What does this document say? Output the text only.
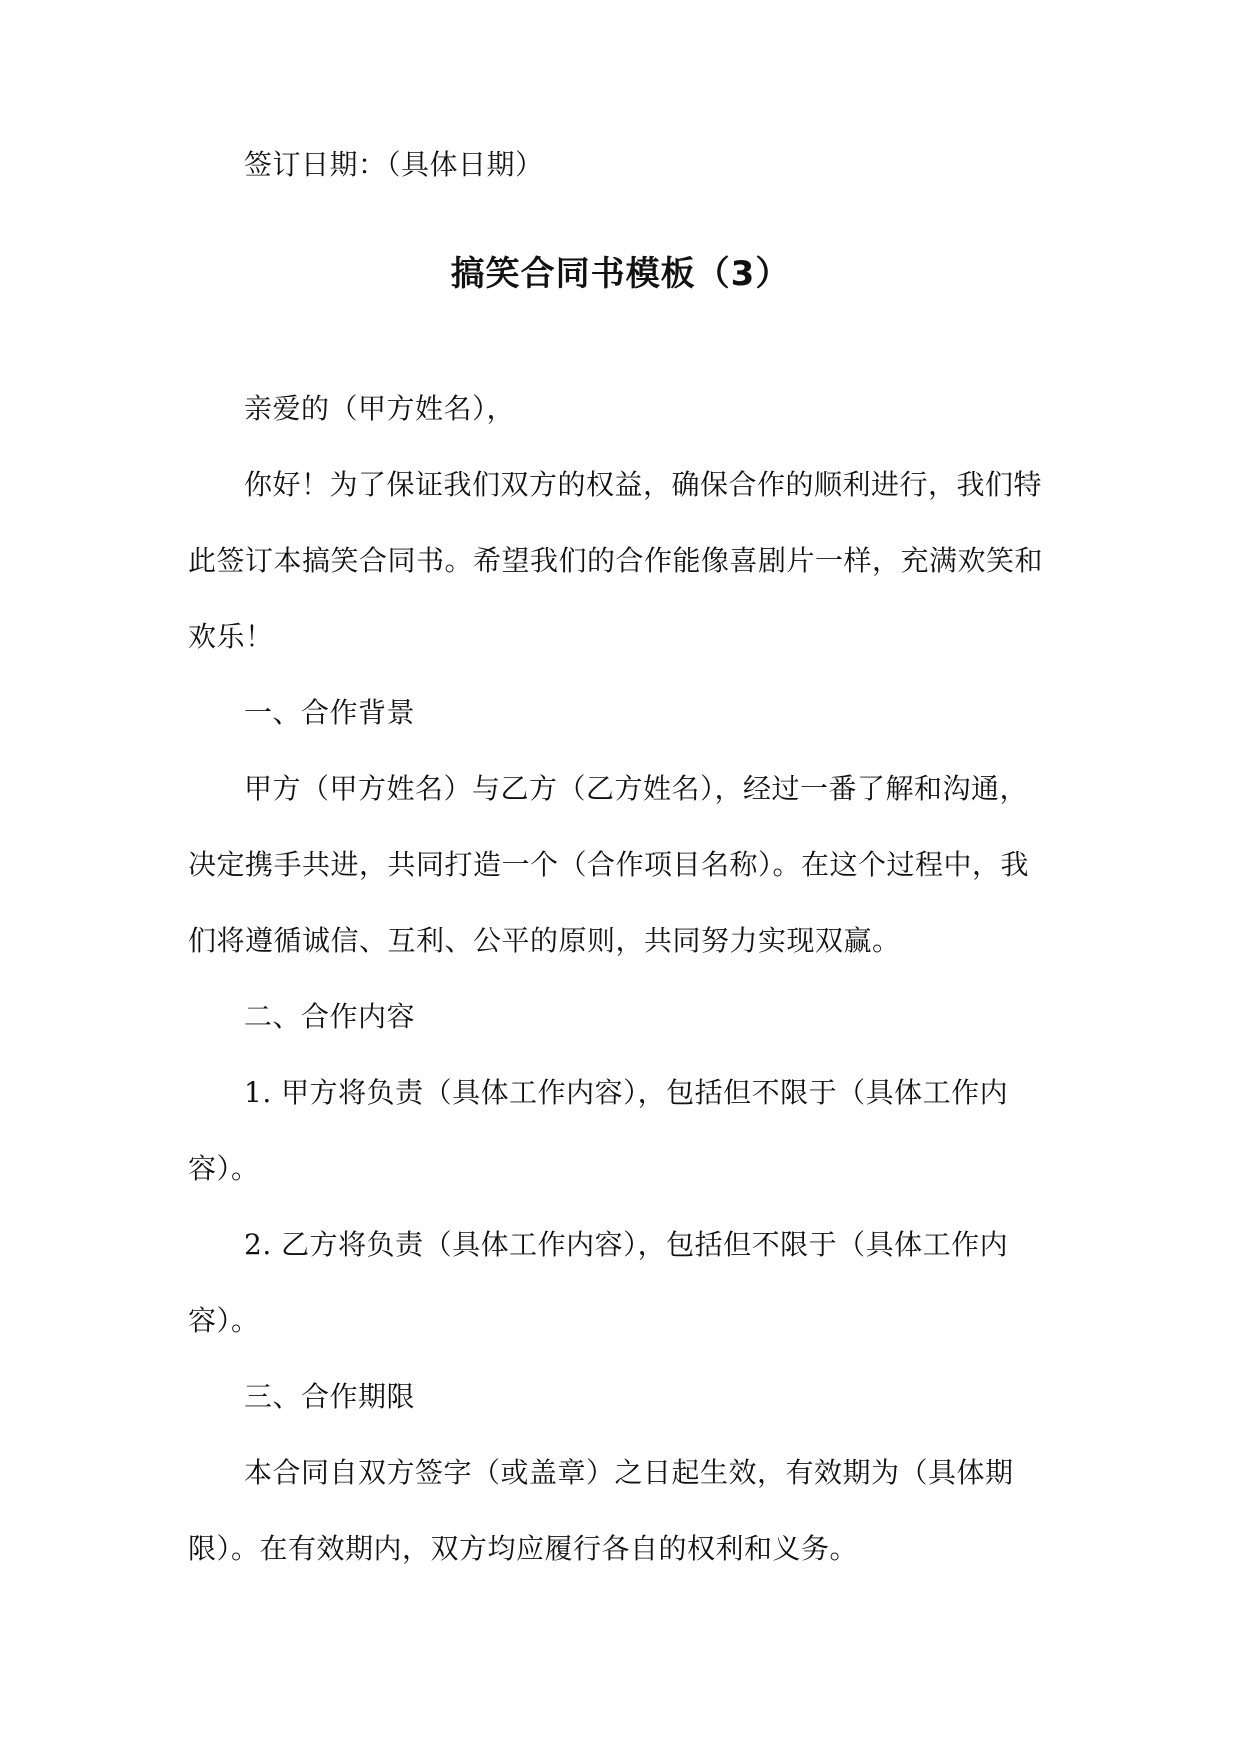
签订日期：（具体日期）
搞笑合同书模板（3）
亲爱的（甲方姓名），
你好！为了保证我们双方的权益，确保合作的顺利进行，我们特
此签订本搞笑合同书。希望我们的合作能像喜剧片一样，充满欢笑和
欢乐！
一、合作背景
甲方（甲方姓名）与乙方（乙方姓名），经过一番了解和沟通，
决定携手共进，共同打造一个（合作项目名称）。在这个过程中，我
们将遵循诚信、互利、公平的原则，共同努力实现双赢。
二、合作内容
1. 甲方将负责（具体工作内容），包括但不限于（具体工作内
容）。
2. 乙方将负责（具体工作内容），包括但不限于（具体工作内
容）。
三、合作期限
本合同自双方签字（或盖章）之日起生效，有效期为（具体期
限）。在有效期内，双方均应履行各自的权利和义务。
